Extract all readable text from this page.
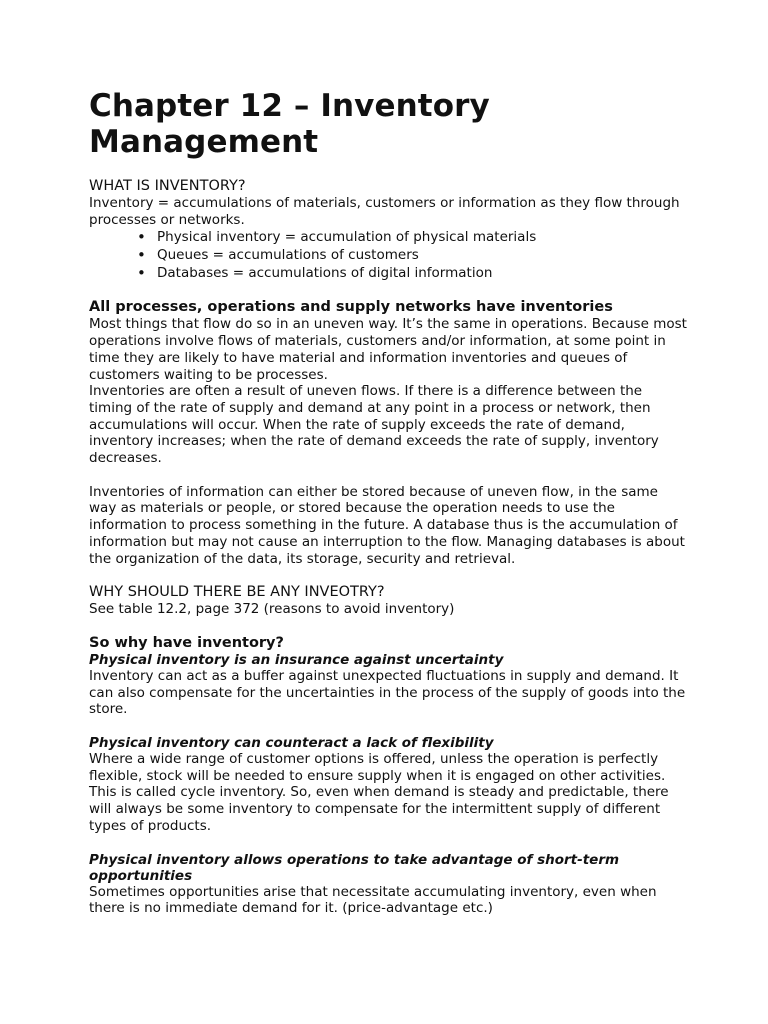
Chapter 12 – Inventory
Management
WHAT IS INVENTORY?

Inventory = accumulations of materials, customers or information as they flow through processes or networks.

• Physical inventory = accumulation of physical materials
• Queues = accumulations of customers
• Databases = accumulations of digital information
All processes, operations and supply networks have inventories

Most things that flow do so in an uneven way. It’s the same in operations. Because most operations involve flows of materials, customers and/or information, at some point in time they are likely to have material and information inventories and queues of customers waiting to be processes.

Inventories are often a result of uneven flows. If there is a difference between the timing of the rate of supply and demand at any point in a process or network, then accumulations will occur. When the rate of supply exceeds the rate of demand, inventory increases; when the rate of demand exceeds the rate of supply, inventory decreases.

Inventories of information can either be stored because of uneven flow, in the same way as materials or people, or stored because the operation needs to use the information to process something in the future. A database thus is the accumulation of information but may not cause an interruption to the flow. Managing databases is about the organization of the data, its storage, security and retrieval.

WHY SHOULD THERE BE ANY INVEOTRY?

See table 12.2, page 372 (reasons to avoid inventory)

So why have inventory?
Physical inventory is an insurance against uncertainty

Inventory can act as a buffer against unexpected fluctuations in supply and demand. It can also compensate for the uncertainties in the process of the supply of goods into the store.

Physical inventory can counteract a lack of flexibility

Where a wide range of customer options is offered, unless the operation is perfectly flexible, stock will be needed to ensure supply when it is engaged on other activities. This is called cycle inventory. So, even when demand is steady and predictable, there will always be some inventory to compensate for the intermittent supply of different types of products.

Physical inventory allows operations to take advantage of short-term opportunities

Sometimes opportunities arise that necessitate accumulating inventory, even when there is no immediate demand for it. (price-advantage etc.)
